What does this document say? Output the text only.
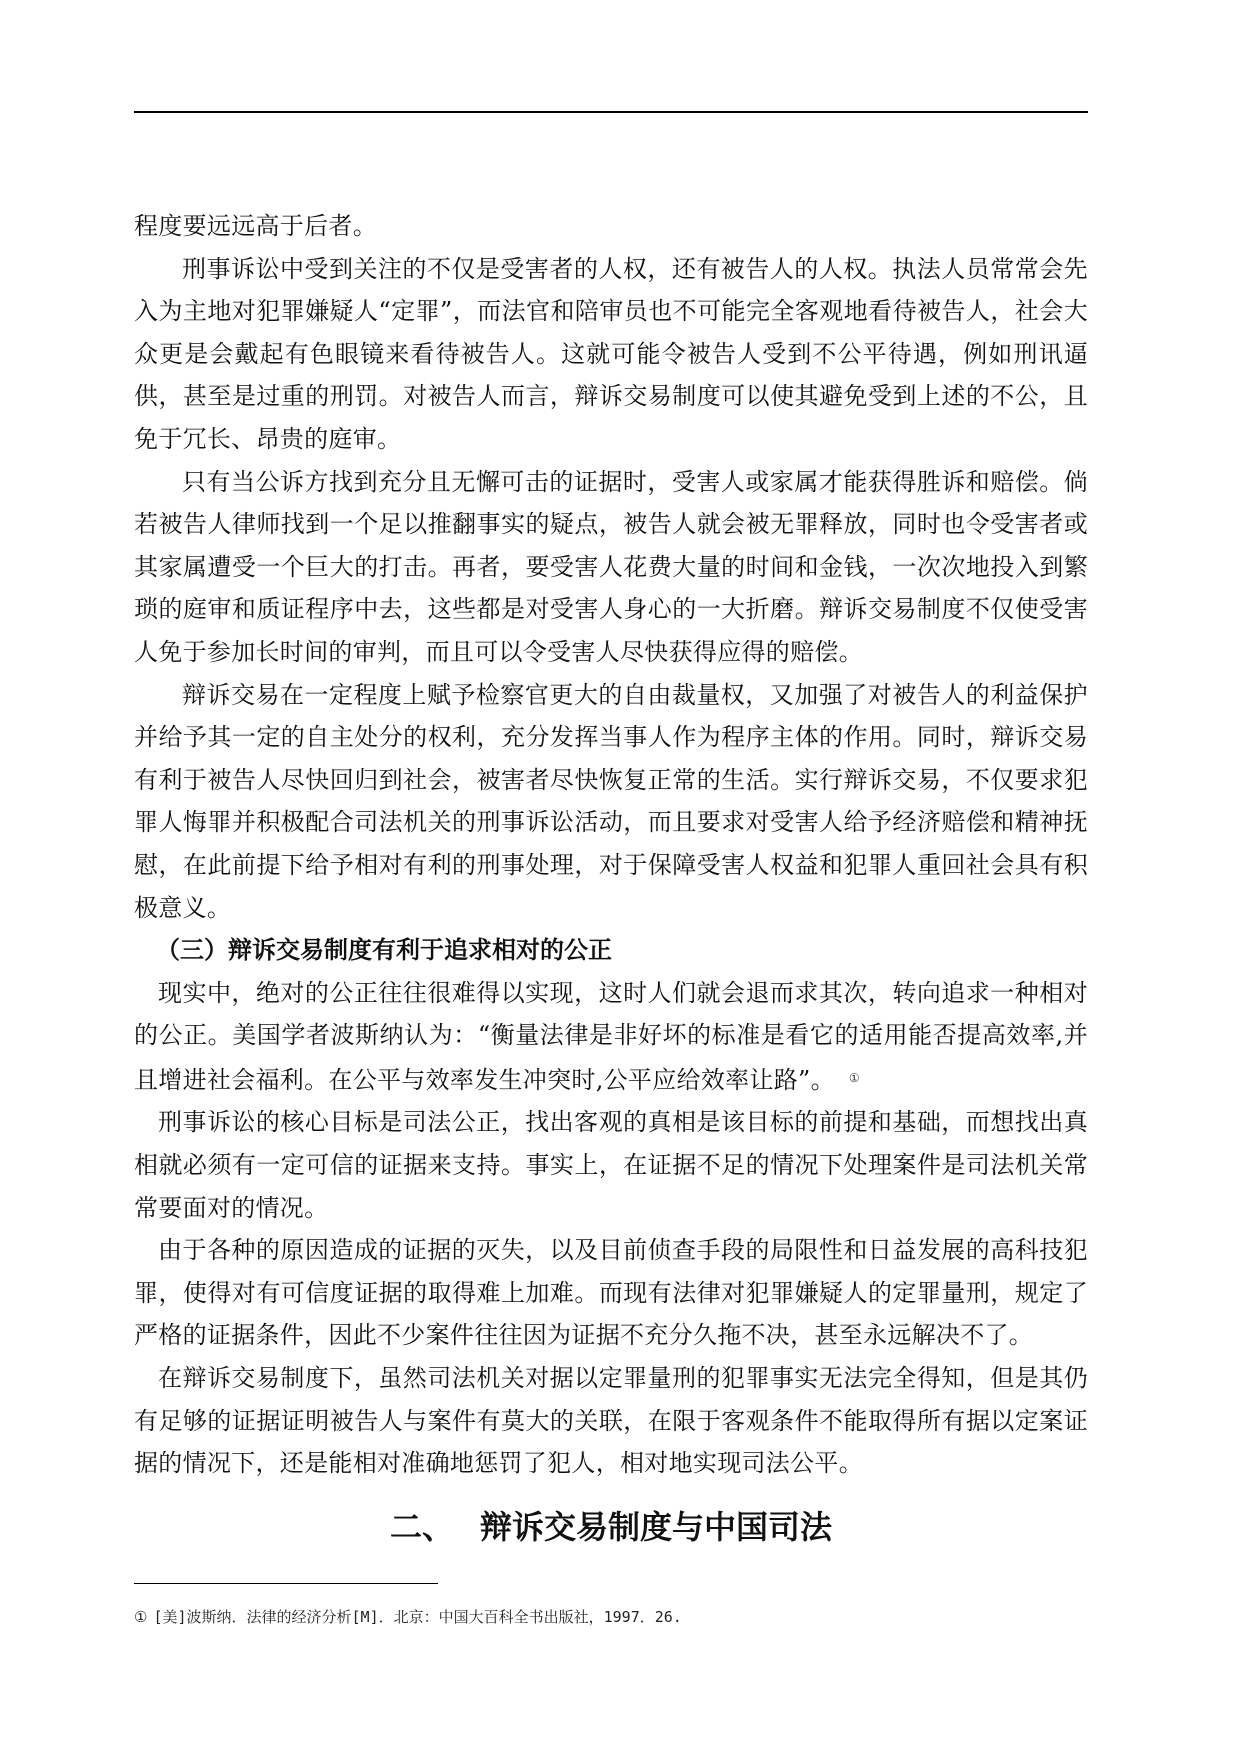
程度要远远高于后者。

刑事诉讼中受到关注的不仅是受害者的人权，还有被告人的人权。执法人员常常会先入为主地对犯罪嫌疑人“定罪”，而法官和陪审员也不可能完全客观地看待被告人，社会大众更是会戴起有色眼镜来看待被告人。这就可能令被告人受到不公平待遇，例如刑讯逼供，甚至是过重的刑罚。对被告人而言，辩诉交易制度可以使其避免受到上述的不公，且免于冗长、昂贵的庭审。

只有当公诉方找到充分且无懈可击的证据时，受害人或家属才能获得胜诉和赔偿。倘若被告人律师找到一个足以推翻事实的疑点，被告人就会被无罪释放，同时也令受害者或其家属遭受一个巨大的打击。再者，要受害人花费大量的时间和金钱，一次次地投入到繁琐的庭审和质证程序中去，这些都是对受害人身心的一大折磨。辩诉交易制度不仅使受害人免于参加长时间的审判，而且可以令受害人尽快获得应得的赔偿。

辩诉交易在一定程度上赋予检察官更大的自由裁量权，又加强了对被告人的利益保护并给予其一定的自主处分的权利，充分发挥当事人作为程序主体的作用。同时，辩诉交易有利于被告人尽快回归到社会，被害者尽快恢复正常的生活。实行辩诉交易，不仅要求犯罪人悔罪并积极配合司法机关的刑事诉讼活动，而且要求对受害人给予经济赔偿和精神抚慰，在此前提下给予相对有利的刑事处理，对于保障受害人权益和犯罪人重回社会具有积极意义。

（三）辩诉交易制度有利于追求相对的公正

现实中，绝对的公正往往很难得以实现，这时人们就会退而求其次，转向追求一种相对的公正。美国学者波斯纳认为：“衡量法律是非好坏的标准是看它的适用能否提高效率,并且增进社会福利。在公平与效率发生冲突时,公平应给效率让路”。 ①

刑事诉讼的核心目标是司法公正，找出客观的真相是该目标的前提和基础，而想找出真相就必须有一定可信的证据来支持。事实上，在证据不足的情况下处理案件是司法机关常常要面对的情况。

由于各种的原因造成的证据的灭失，以及目前侦查手段的局限性和日益发展的高科技犯罪，使得对有可信度证据的取得难上加难。而现有法律对犯罪嫌疑人的定罪量刑，规定了严格的证据条件，因此不少案件往往因为证据不充分久拖不决，甚至永远解决不了。

在辩诉交易制度下，虽然司法机关对据以定罪量刑的犯罪事实无法完全得知，但是其仍有足够的证据证明被告人与案件有莫大的关联，在限于客观条件不能取得所有据以定案证据的情况下，还是能相对准确地惩罚了犯人，相对地实现司法公平。

二、 辩诉交易制度与中国司法
① [美]波斯纳．法律的经济分析[M]．北京：中国大百科全书出版社，1997．26.
